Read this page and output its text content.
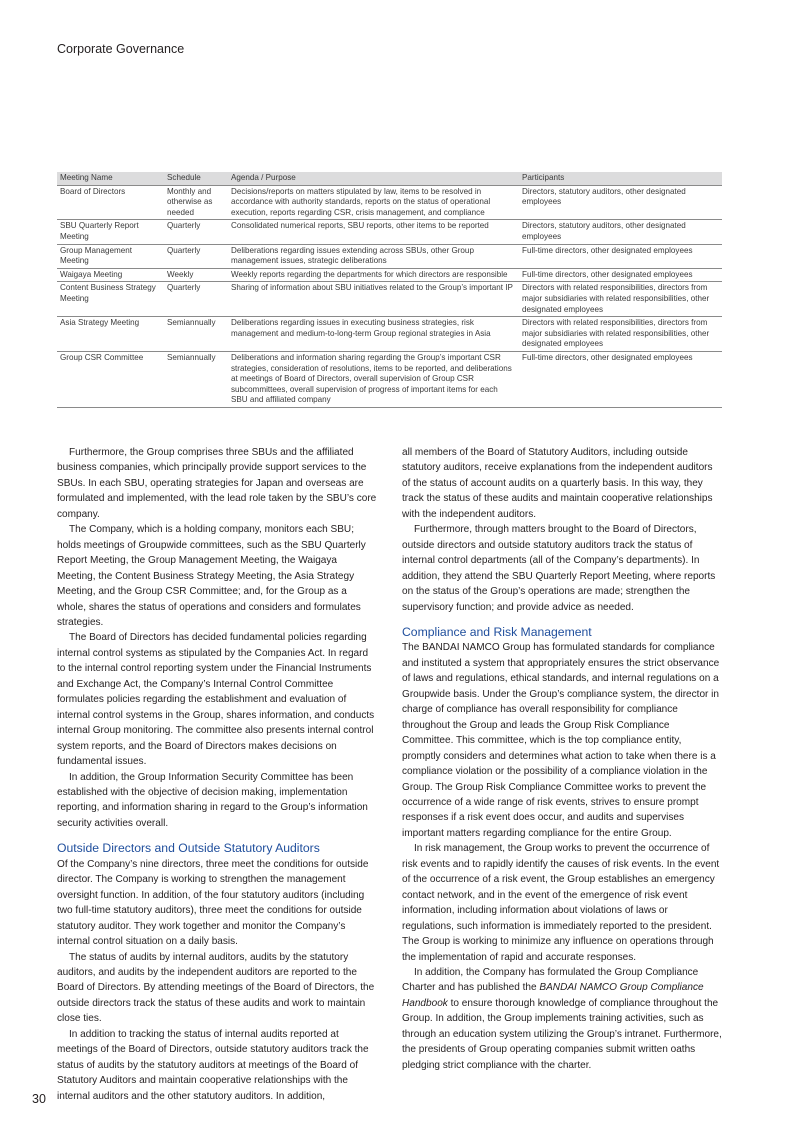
Corporate Governance
Meeting Name	Schedule	Agenda / Purpose	Participants
Board of Directors	Monthly and otherwise as needed	Decisions/reports on matters stipulated by law, items to be resolved in accordance with authority standards, reports on the status of operational execution, reports regarding CSR, crisis management, and compliance	Directors, statutory auditors, other designated employees
SBU Quarterly Report Meeting	Quarterly	Consolidated numerical reports, SBU reports, other items to be reported	Directors, statutory auditors, other designated employees
Group Management Meeting	Quarterly	Deliberations regarding issues extending across SBUs, other Group management issues, strategic deliberations	Full-time directors, other designated employees
Waigaya Meeting	Weekly	Weekly reports regarding the departments for which directors are responsible	Full-time directors, other designated employees
Content Business Strategy Meeting	Quarterly	Sharing of information about SBU initiatives related to the Group’s important IP	Directors with related responsibilities, directors from major subsidiaries with related responsibilities, other designated employees
Asia Strategy Meeting	Semiannually	Deliberations regarding issues in executing business strategies, risk management and medium-to-long-term Group regional strategies in Asia	Directors with related responsibilities, directors from major subsidiaries with related responsibilities, other designated employees
Group CSR Committee	Semiannually	Deliberations and information sharing regarding the Group’s important CSR strategies, consideration of resolutions, items to be reported, and deliberations at meetings of Board of Directors, overall supervision of Group CSR subcommittees, overall supervision of progress of important items for each SBU and affiliated company	Full-time directors, other designated employees

Furthermore, the Group comprises three SBUs and the affiliated business companies, which principally provide support services to the SBUs. In each SBU, operating strategies for Japan and overseas are formulated and implemented, with the lead role taken by the SBU’s core company.

The Company, which is a holding company, monitors each SBU; holds meetings of Groupwide committees, such as the SBU Quarterly Report Meeting, the Group Management Meeting, the Waigaya Meeting, the Content Business Strategy Meeting, the Asia Strategy Meeting, and the Group CSR Committee; and, for the Group as a whole, shares the status of operations and considers and formulates strategies.

The Board of Directors has decided fundamental policies regarding internal control systems as stipulated by the Companies Act. In regard to the internal control reporting system under the Financial Instruments and Exchange Act, the Company’s Internal Control Committee formulates policies regarding the establishment and evaluation of internal control systems in the Group, shares information, and conducts internal Group monitoring. The committee also presents internal control system reports, and the Board of Directors makes decisions on fundamental issues.

In addition, the Group Information Security Committee has been established with the objective of decision making, implementation reporting, and information sharing in regard to the Group’s information security activities overall.

Outside Directors and Outside Statutory Auditors

Of the Company’s nine directors, three meet the conditions for outside director. The Company is working to strengthen the management oversight function. In addition, of the four statutory auditors (including two full-time statutory auditors), three meet the conditions for outside statutory auditor. They work together and monitor the Company’s internal control situation on a daily basis.

The status of audits by internal auditors, audits by the statutory auditors, and audits by the independent auditors are reported to the Board of Directors. By attending meetings of the Board of Directors, the outside directors track the status of these audits and work to maintain close ties.

In addition to tracking the status of internal audits reported at meetings of the Board of Directors, outside statutory auditors track the status of audits by the statutory auditors at meetings of the Board of Statutory Auditors and maintain cooperative relationships with the internal auditors and the other statutory auditors. In addition,

all members of the Board of Statutory Auditors, including outside statutory auditors, receive explanations from the independent auditors of the status of account audits on a quarterly basis. In this way, they track the status of these audits and maintain cooperative relationships with the independent auditors.

Furthermore, through matters brought to the Board of Directors, outside directors and outside statutory auditors track the status of internal control departments (all of the Company’s departments). In addition, they attend the SBU Quarterly Report Meeting, where reports on the status of the Group’s operations are made; strengthen the supervisory function; and provide advice as needed.

Compliance and Risk Management

The BANDAI NAMCO Group has formulated standards for compliance and instituted a system that appropriately ensures the strict observance of laws and regulations, ethical standards, and internal regulations on a Groupwide basis. Under the Group’s compliance system, the director in charge of compliance has overall responsibility for compliance throughout the Group and leads the Group Risk Compliance Committee. This committee, which is the top compliance entity, promptly considers and determines what action to take when there is a compliance violation or the possibility of a compliance violation in the Group. The Group Risk Compliance Committee works to prevent the occurrence of a wide range of risk events, strives to ensure prompt responses if a risk event does occur, and audits and supervises important matters regarding compliance for the entire Group.

In risk management, the Group works to prevent the occurrence of risk events and to rapidly identify the causes of risk events. In the event of the occurrence of a risk event, the Group establishes an emergency contact network, and in the event of the emergence of risk event information, including information about violations of laws or regulations, such information is immediately reported to the president. The Group is working to minimize any influence on operations through the implementation of rapid and accurate responses.

In addition, the Company has formulated the Group Compliance Charter and has published the BANDAI NAMCO Group Compliance Handbook to ensure thorough knowledge of compliance throughout the Group. In addition, the Group implements training activities, such as through an education system utilizing the Group’s intranet. Furthermore, the presidents of Group operating companies submit written oaths pledging strict compliance with the charter.

30
